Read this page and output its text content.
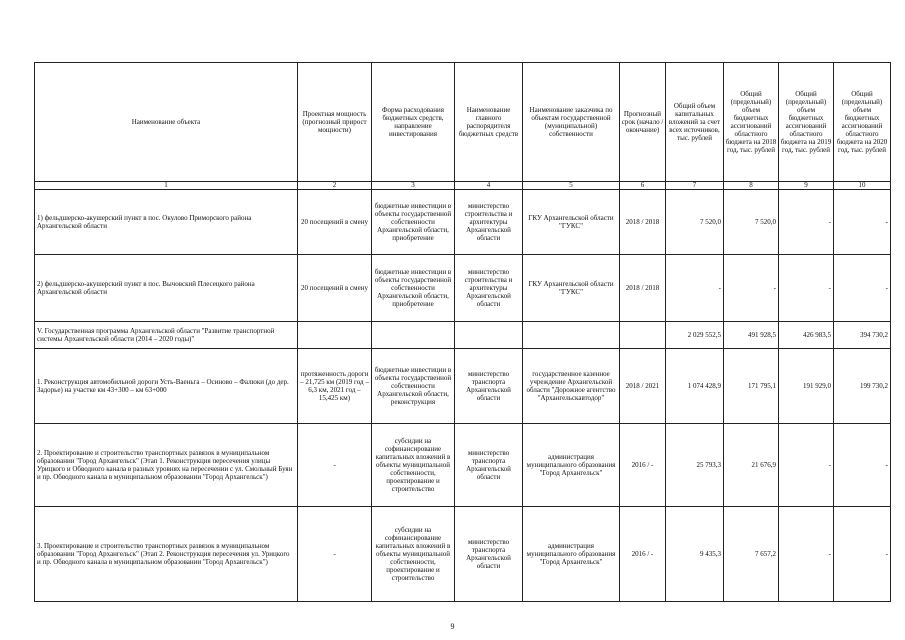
Наименование объекта	Проектная мощность (прогнозный прирост мощности)	Форма расходования бюджетных средств, направление инвестирования	Наименование главного распорядителя бюджетных средств	Наименование заказчика по объектам государственной (муниципальной) собственности	Прогнозный срок (начало / окончание)	Общий объем капитальных вложений за счет всех источников, тыс. рублей	Общий (предельный) объем бюджетных ассигнований областного бюджета на 2018 год, тыс. рублей	Общий (предельный) объем бюджетных ассигнований областного бюджета на 2019 год, тыс. рублей	Общий (предельный) объем бюджетных ассигнований областного бюджета на 2020 год, тыс. рублей
1	2	3	4	5	6	7	8	9	10
1) фельдшерско-акушерский пункт в пос. Окулово Приморского района Архангельской области	20 посещений в смену	бюджетные инвестиции в объекты государственной собственности Архангельской области, приобретение	министерство строительства и архитектуры Архангельской области	ГКУ Архангельской области "ГУКС"	2018 / 2018	7 520,0	7 520,0	-	-
2) фельдшерско-акушерский пункт в пос. Вычовский Плесецкого района Архангельской области	20 посещений в смену	бюджетные инвестиции в объекты государственной собственности Архангельской области, приобретение	министерство строительства и архитектуры Архангельской области	ГКУ Архангельской области "ГУКС"	2018 / 2018	-	-	-	-
V. Государственная программа Архангельской области "Развитие транспортной системы Архангельской области (2014 – 2020 годы)"						2 029 552,5	491 928,5	426 983,5	394 730,2
1. Реконструкция автомобильной дороги Усть-Ваеньга – Осиново – Фалюки (до дер. Задорье) на участке км 43+300 – км 63+000	протяженность дороги – 21,725 км (2019 год – 6,3 км, 2021 год – 15,425 км)	бюджетные инвестиции в объекты государственной собственности Архангельской области, реконструкция	министерство транспорта Архангельской области	государственное казенное учреждение Архангельской области "Дорожное агентство "Архангельскавтодор"	2018 / 2021	1 074 428,9	171 795,1	191 929,0	199 730,2
2. Проектирование и строительство транспортных развязок в муниципальном образовании "Город Архангельск" (Этап 1. Реконструкция пересечения улицы Урицкого и Обводного канала в разных уровнях на пересечении с ул. Смольный Буян и пр. Обводного канала в муниципальном образовании "Город Архангельск")	-	субсидии на софинансирование капитальных вложений в объекты муниципальной собственности, проектирование и строительство	министерство транспорта Архангельской области	администрация муниципального образования "Город Архангельск"	2016 / -	25 793,3	21 676,9	-	-
3. Проектирование и строительство транспортных развязок в муниципальном образовании "Город Архангельск" (Этап 2. Реконструкция пересечения ул. Урицкого и пр. Обводного канала в муниципальном образовании "Город Архангельск")	-	субсидии на софинансирование капитальных вложений в объекты муниципальной собственности, проектирование и строительство	министерство транспорта Архангельской области	администрация муниципального образования "Город Архангельск"	2016 / -	9 435,3	7 657,2	-	-
9
